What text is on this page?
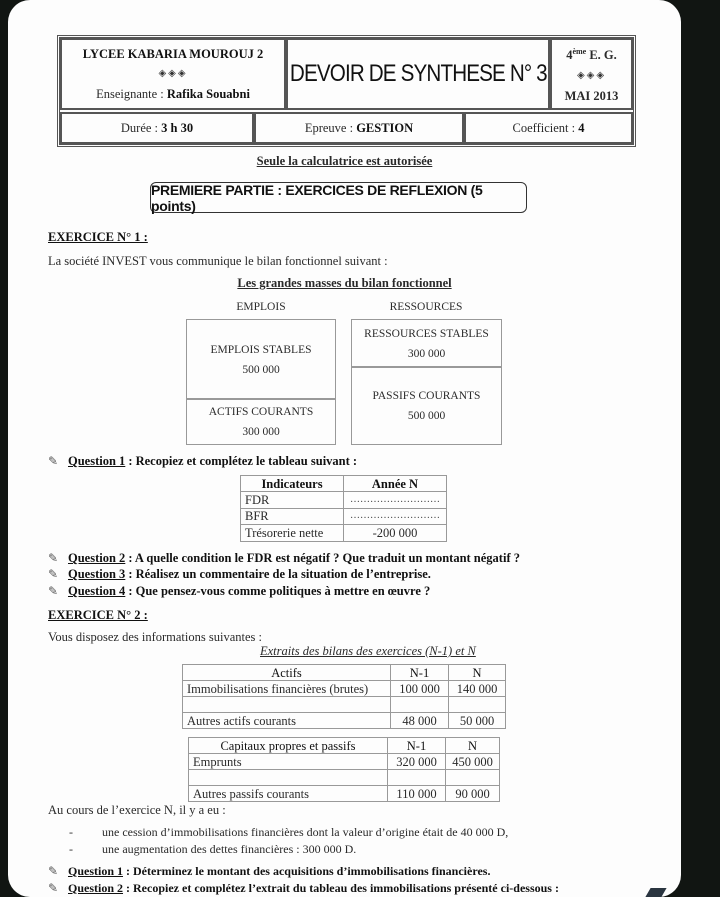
LYCEE KABARIA MOUROUJ 2
◈◈◈
Enseignante : Rafika Souabni
DEVOIR DE SYNTHESE N° 3
4ème E. G.
◈◈◈
MAI 2013
Durée : 3 h 30	Epreuve : GESTION	Coefficient : 4
Seule la calculatrice est autorisée
PREMIERE PARTIE : EXERCICES DE REFLEXION (5 points)
EXERCICE N° 1 :
La société INVEST vous communique le bilan fonctionnel suivant :
Les grandes masses du bilan fonctionnel
EMPLOIS	RESSOURCES
EMPLOIS STABLES
500 000
ACTIFS COURANTS
300 000
RESSOURCES STABLES
300 000
PASSIFS COURANTS
500 000
✎ Question 1 : Recopiez et complétez le tableau suivant :
Indicateurs	Année N
FDR	………………………
BFR	………………………
Trésorerie nette	-200 000
✎ Question 2 : A quelle condition le FDR est négatif ? Que traduit un montant négatif ?
✎ Question 3 : Réalisez un commentaire de la situation de l’entreprise.
✎ Question 4 : Que pensez-vous comme politiques à mettre en œuvre ?
EXERCICE N° 2 :
Vous disposez des informations suivantes :
Extraits des bilans des exercices (N-1) et N
Actifs	N-1	N
Immobilisations financières (brutes)	100 000	140 000

Autres actifs courants	48 000	50 000
Capitaux propres et passifs	N-1	N
Emprunts	320 000	450 000

Autres passifs courants	110 000	90 000
Au cours de l’exercice N, il y a eu :
-	une cession d’immobilisations financières dont la valeur d’origine était de 40 000 D,
-	une augmentation des dettes financières : 300 000 D.
✎ Question 1 : Déterminez le montant des acquisitions d’immobilisations financières.
✎ Question 2 : Recopiez et complétez l’extrait du tableau des immobilisations présenté ci-dessous :
